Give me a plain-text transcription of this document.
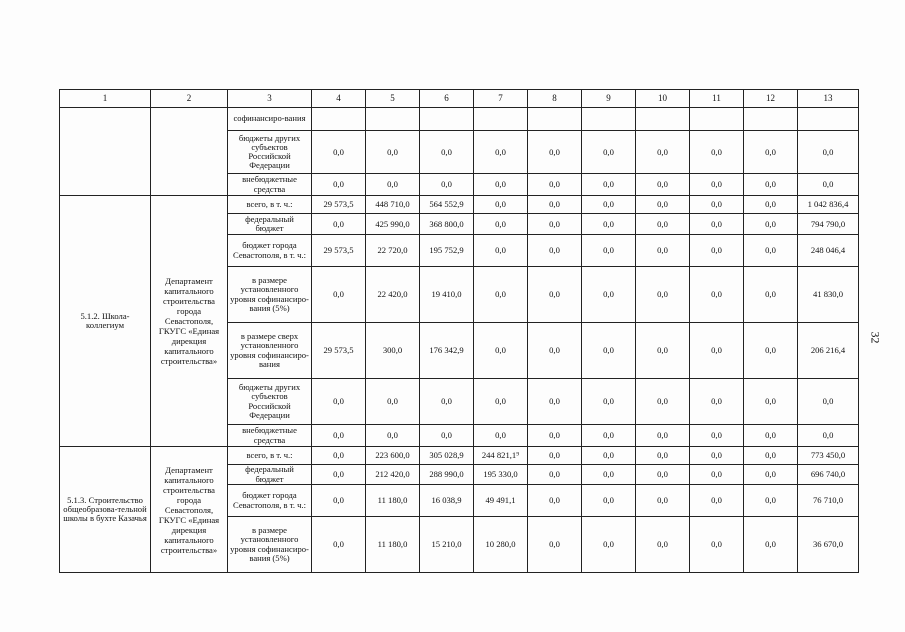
1	2	3	4	5	6	7	8	9	10	11	12	13
		софинансиро-вания										
		бюджеты других субъектов Российской Федерации	0,0	0,0	0,0	0,0	0,0	0,0	0,0	0,0	0,0	0,0
		внебюджетные средства	0,0	0,0	0,0	0,0	0,0	0,0	0,0	0,0	0,0	0,0
5.1.2. Школа-коллегиум	Департамент капитального строительства города Севастополя, ГКУГС «Единая дирекция капитального строительства»	всего, в т. ч.:	29 573,5	448 710,0	564 552,9	0,0	0,0	0,0	0,0	0,0	0,0	1 042 836,4
		федеральный бюджет	0,0	425 990,0	368 800,0	0,0	0,0	0,0	0,0	0,0	0,0	794 790,0
		бюджет города Севастополя, в т. ч.:	29 573,5	22 720,0	195 752,9	0,0	0,0	0,0	0,0	0,0	0,0	248 046,4
		в размере установленного уровня софинансиро-вания (5%)	0,0	22 420,0	19 410,0	0,0	0,0	0,0	0,0	0,0	0,0	41 830,0
		в размере сверх установленного уровня софинансиро-вания	29 573,5	300,0	176 342,9	0,0	0,0	0,0	0,0	0,0	0,0	206 216,4
		бюджеты других субъектов Российской Федерации	0,0	0,0	0,0	0,0	0,0	0,0	0,0	0,0	0,0	0,0
		внебюджетные средства	0,0	0,0	0,0	0,0	0,0	0,0	0,0	0,0	0,0	0,0
5.1.3. Строительство общеобразова-тельной школы в бухте Казачья	Департамент капитального строительства города Севастополя, ГКУГС «Единая дирекция капитального строительства»	всего, в т. ч.:	0,0	223 600,0	305 028,9	244 821,1⁹	0,0	0,0	0,0	0,0	0,0	773 450,0
		федеральный бюджет	0,0	212 420,0	288 990,0	195 330,0	0,0	0,0	0,0	0,0	0,0	696 740,0
		бюджет города Севастополя, в т. ч.:	0,0	11 180,0	16 038,9	49 491,1	0,0	0,0	0,0	0,0	0,0	76 710,0
		в размере установленного уровня софинансиро-вания (5%)	0,0	11 180,0	15 210,0	10 280,0	0,0	0,0	0,0	0,0	0,0	36 670,0
32
